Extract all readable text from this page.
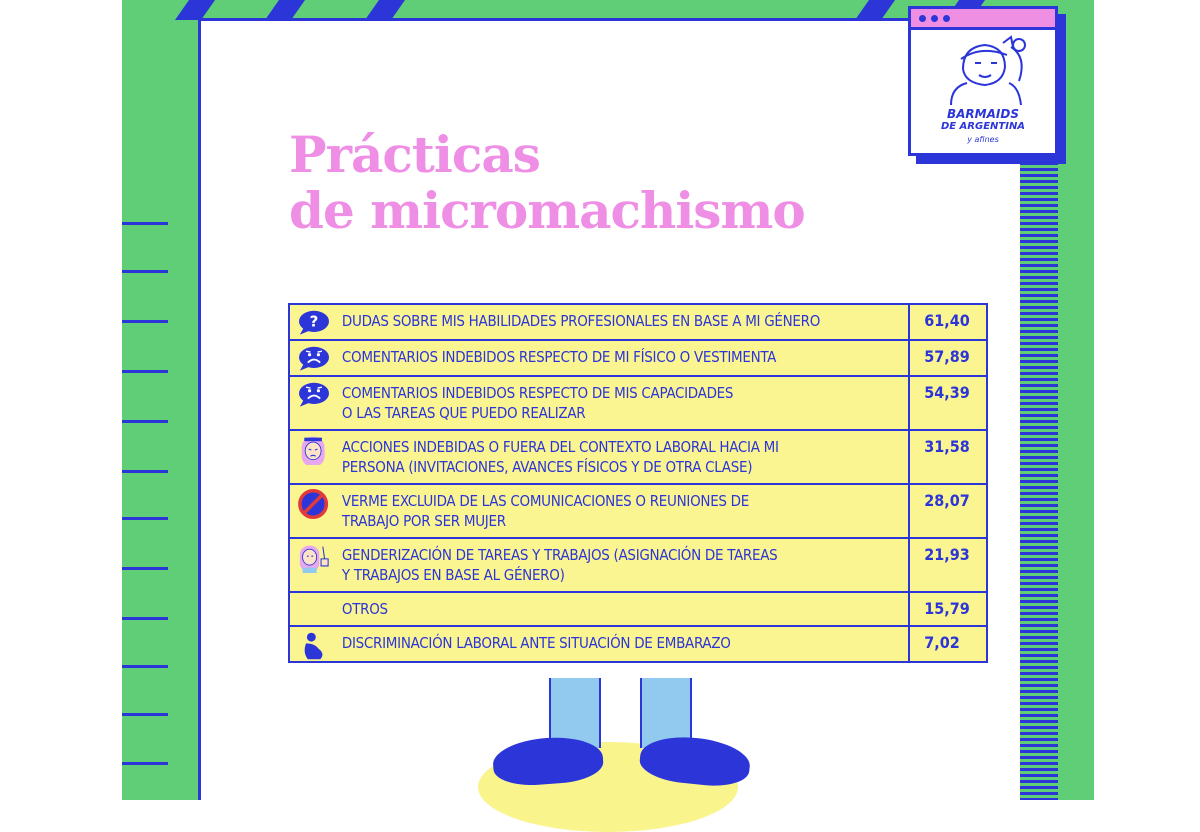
BARMAIDS
DE ARGENTINA
y afines
Prácticas
de micromachismo
?	DUDAS SOBRE MIS HABILIDADES PROFESIONALES EN BASE A MI GÉNERO	61,40

	COMENTARIOS INDEBIDOS RESPECTO DE MI FÍSICO O VESTIMENTA	57,89

	COMENTARIOS INDEBIDOS RESPECTO DE MIS CAPACIDADES
O LAS TAREAS QUE PUEDO REALIZAR	54,39

	ACCIONES INDEBIDAS O FUERA DEL CONTEXTO LABORAL HACIA MI
PERSONA (INVITACIONES, AVANCES FÍSICOS Y DE OTRA CLASE)	31,58

	VERME EXCLUIDA DE LAS COMUNICACIONES O REUNIONES DE
TRABAJO POR SER MUJER	28,07

	GENDERIZACIÓN DE TAREAS Y TRABAJOS (ASIGNACIÓN DE TAREAS
Y TRABAJOS EN BASE AL GÉNERO)	21,93
	OTROS	15,79

	DISCRIMINACIÓN LABORAL ANTE SITUACIÓN DE EMBARAZO	7,02
